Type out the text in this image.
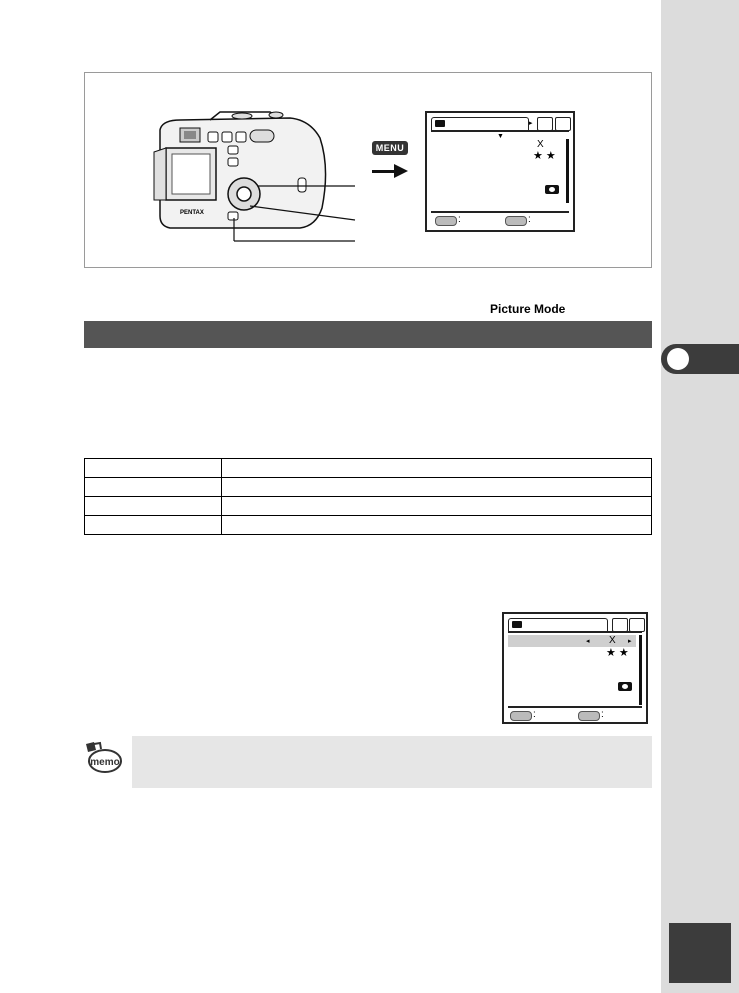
PENTAX
MENU
▸
▼
X
★ ★
:	:
Picture Mode

◂ X ▸
★ ★
:	:
memo
